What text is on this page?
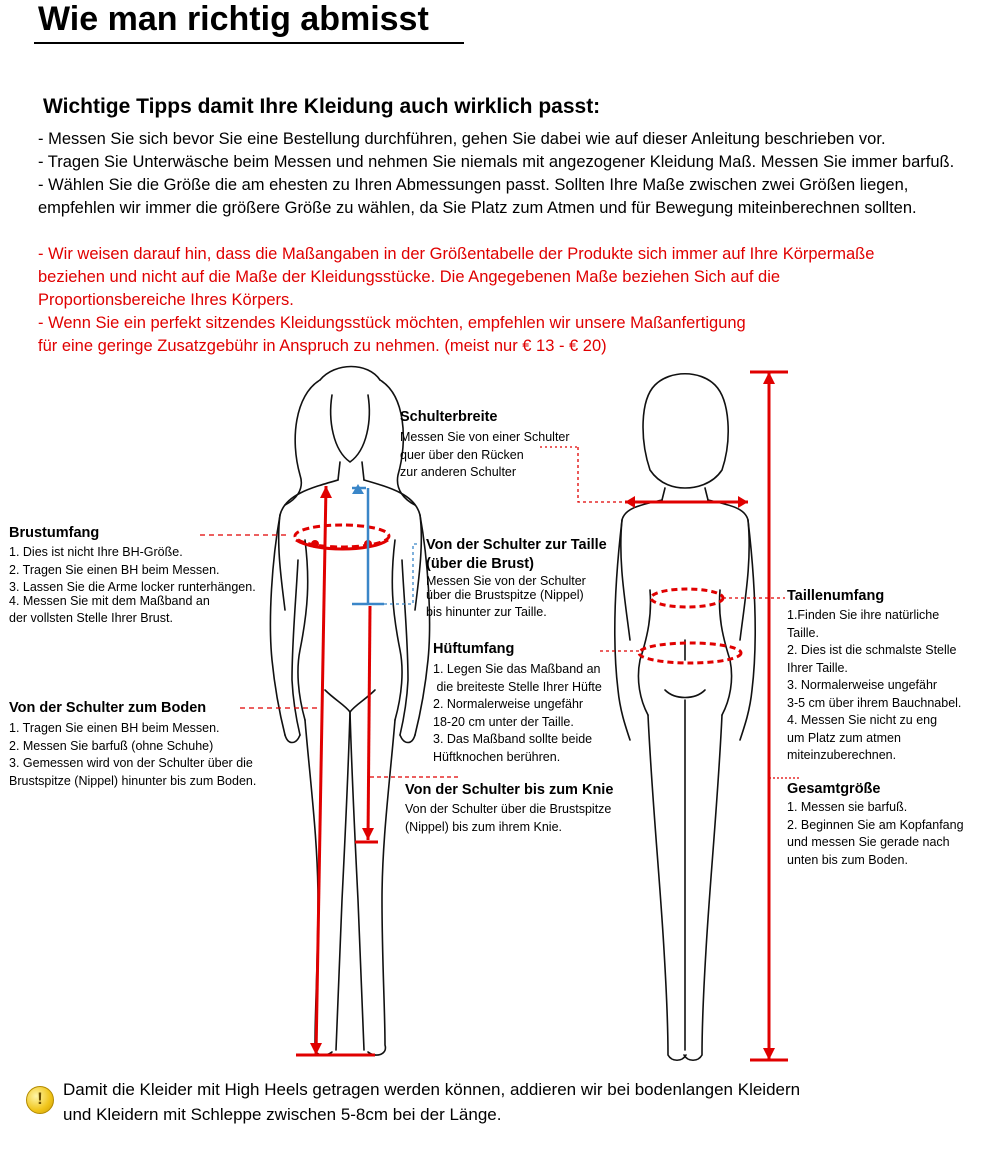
Wie man richtig abmisst
Wichtige Tipps damit Ihre Kleidung auch wirklich passt:
- Messen Sie sich bevor Sie eine Bestellung durchführen, gehen Sie dabei wie auf dieser Anleitung beschrieben vor.
- Tragen Sie Unterwäsche beim Messen und nehmen Sie niemals mit angezogener Kleidung Maß. Messen Sie immer barfuß.
- Wählen Sie die Größe die am ehesten zu Ihren Abmessungen passt. Sollten Ihre Maße zwischen zwei Größen liegen,
empfehlen wir immer die größere Größe zu wählen, da Sie Platz zum Atmen und für Bewegung miteinberechnen sollten.
- Wir weisen darauf hin, dass die Maßangaben in der Größentabelle der Produkte sich immer auf Ihre Körpermaße
beziehen und nicht auf die Maße der Kleidungsstücke. Die Angegebenen Maße beziehen Sich auf die
Proportionsbereiche Ihres Körpers.
- Wenn Sie ein perfekt sitzendes Kleidungsstück möchten, empfehlen wir unsere Maßanfertigung
für eine geringe Zusatzgebühr in Anspruch zu nehmen. (meist nur € 13 - € 20)
Schulterbreite
Messen Sie von einer Schulter
quer über den Rücken
zur anderen Schulter
Brustumfang
1. Dies ist nicht Ihre BH-Größe.
2. Tragen Sie einen BH beim Messen.
3. Lassen Sie die Arme locker runterhängen.
4. Messen Sie mit dem Maßband an
der vollsten Stelle Ihrer Brust.
Von der Schulter zur Taille
(über die Brust)
Messen Sie von der Schulter
über die Brustspitze (Nippel)
bis hinunter zur Taille.
Taillenumfang
1.Finden Sie ihre natürliche
Taille.
2. Dies ist die schmalste Stelle
Ihrer Taille.
3. Normalerweise ungefähr
3-5 cm über ihrem Bauchnabel.
4. Messen Sie nicht zu eng
um Platz zum atmen
miteinzuberechnen.
Hüftumfang
1. Legen Sie das Maßband an
die breiteste Stelle Ihrer Hüfte
2. Normalerweise ungefähr
18-20 cm unter der Taille.
3. Das Maßband sollte beide
Hüftknochen berühren.
Von der Schulter zum Boden
1. Tragen Sie einen BH beim Messen.
2. Messen Sie barfuß (ohne Schuhe)
3. Gemessen wird von der Schulter über die
Brustspitze (Nippel) hinunter bis zum Boden.
Von der Schulter bis zum Knie
Von der Schulter über die Brustspitze
(Nippel) bis zum ihrem Knie.
Gesamtgröße
1. Messen sie barfuß.
2. Beginnen Sie am Kopfanfang
und messen Sie gerade nach
unten bis zum Boden.
!	Damit die Kleider mit High Heels getragen werden können, addieren wir bei bodenlangen Kleidern
und Kleidern mit Schleppe zwischen 5-8cm bei der Länge.
